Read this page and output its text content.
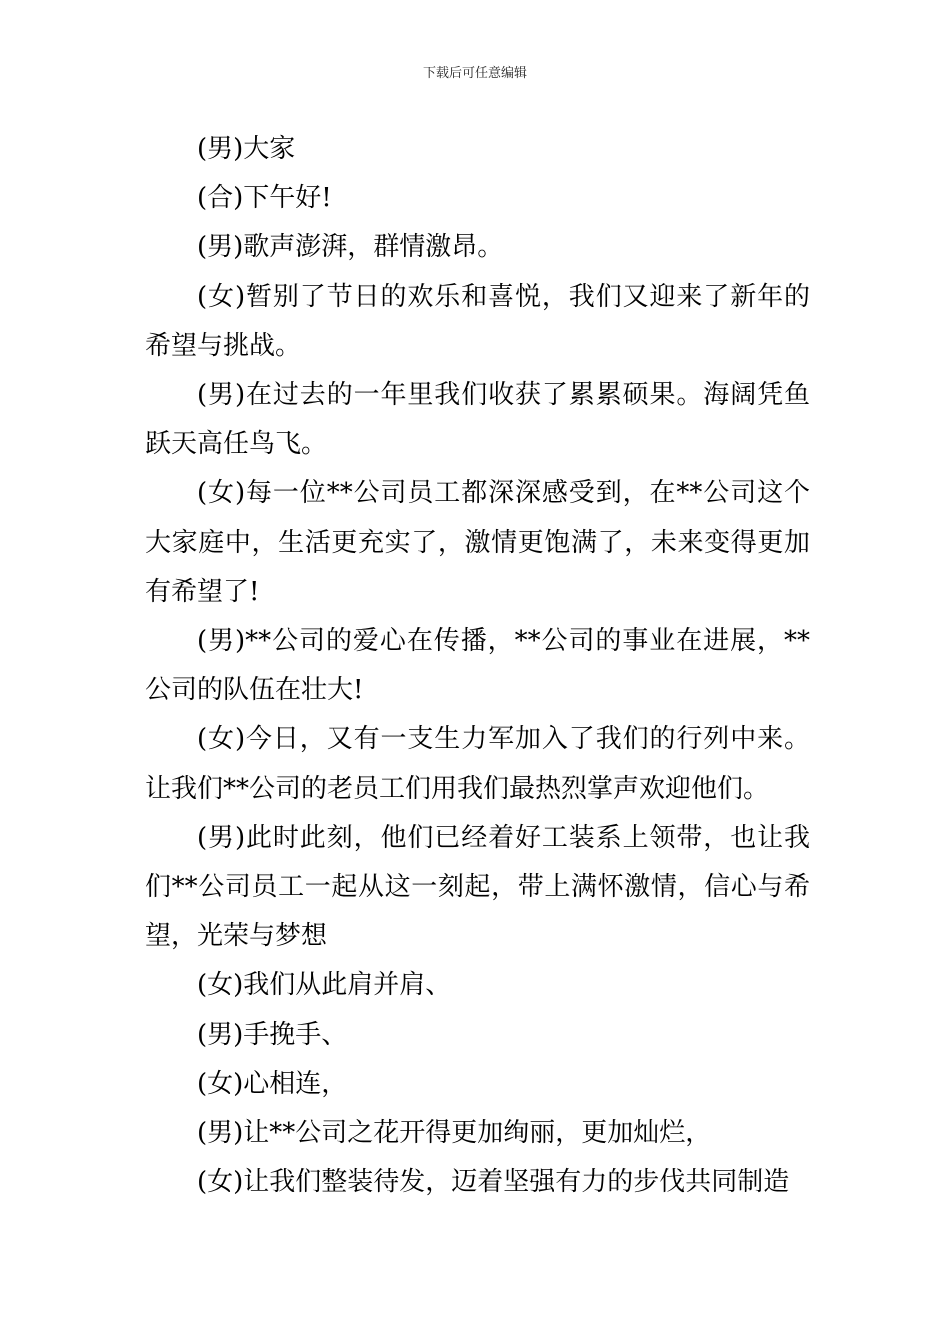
下载后可任意编辑

(男)大家

(合)下午好!

(男)歌声澎湃，群情激昂。

(女)暂别了节日的欢乐和喜悦，我们又迎来了新年的希望与挑战。

(男)在过去的一年里我们收获了累累硕果。海阔凭鱼跃天高任鸟飞。

(女)每一位**公司员工都深深感受到，在**公司这个大家庭中，生活更充实了，激情更饱满了，未来变得更加有希望了!

(男)**公司的爱心在传播，**公司的事业在进展，**公司的队伍在壮大!

(女)今日，又有一支生力军加入了我们的行列中来。让我们**公司的老员工们用我们最热烈掌声欢迎他们。

(男)此时此刻，他们已经着好工装系上领带，也让我们**公司员工一起从这一刻起，带上满怀激情，信心与希望，光荣与梦想

(女)我们从此肩并肩、

(男)手挽手、

(女)心相连，

(男)让**公司之花开得更加绚丽，更加灿烂，

(女)让我们整装待发，迈着坚强有力的步伐共同制造
